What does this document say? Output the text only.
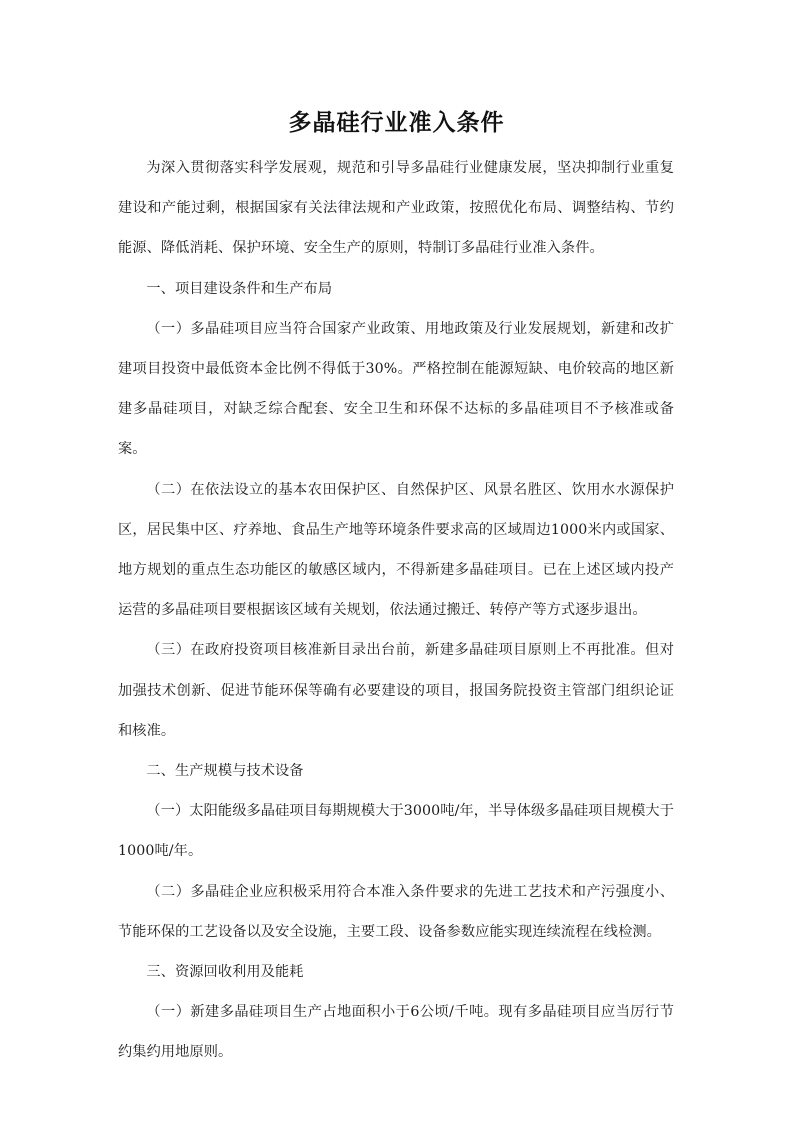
多晶硅行业准入条件

为深入贯彻落实科学发展观，规范和引导多晶硅行业健康发展，坚决抑制行业重复建设和产能过剩，根据国家有关法律法规和产业政策，按照优化布局、调整结构、节约能源、降低消耗、保护环境、安全生产的原则，特制订多晶硅行业准入条件。

一、项目建设条件和生产布局

（一）多晶硅项目应当符合国家产业政策、用地政策及行业发展规划，新建和改扩建项目投资中最低资本金比例不得低于30%。严格控制在能源短缺、电价较高的地区新建多晶硅项目，对缺乏综合配套、安全卫生和环保不达标的多晶硅项目不予核准或备案。

（二）在依法设立的基本农田保护区、自然保护区、风景名胜区、饮用水水源保护区，居民集中区、疗养地、食品生产地等环境条件要求高的区域周边1000米内或国家、地方规划的重点生态功能区的敏感区域内，不得新建多晶硅项目。已在上述区域内投产运营的多晶硅项目要根据该区域有关规划，依法通过搬迁、转停产等方式逐步退出。

（三）在政府投资项目核准新目录出台前，新建多晶硅项目原则上不再批准。但对加强技术创新、促进节能环保等确有必要建设的项目，报国务院投资主管部门组织论证和核准。

二、生产规模与技术设备

（一）太阳能级多晶硅项目每期规模大于3000吨/年，半导体级多晶硅项目规模大于1000吨/年。

（二）多晶硅企业应积极采用符合本准入条件要求的先进工艺技术和产污强度小、节能环保的工艺设备以及安全设施，主要工段、设备参数应能实现连续流程在线检测。

三、资源回收利用及能耗

（一）新建多晶硅项目生产占地面积小于6公顷/千吨。现有多晶硅项目应当厉行节约集约用地原则。
